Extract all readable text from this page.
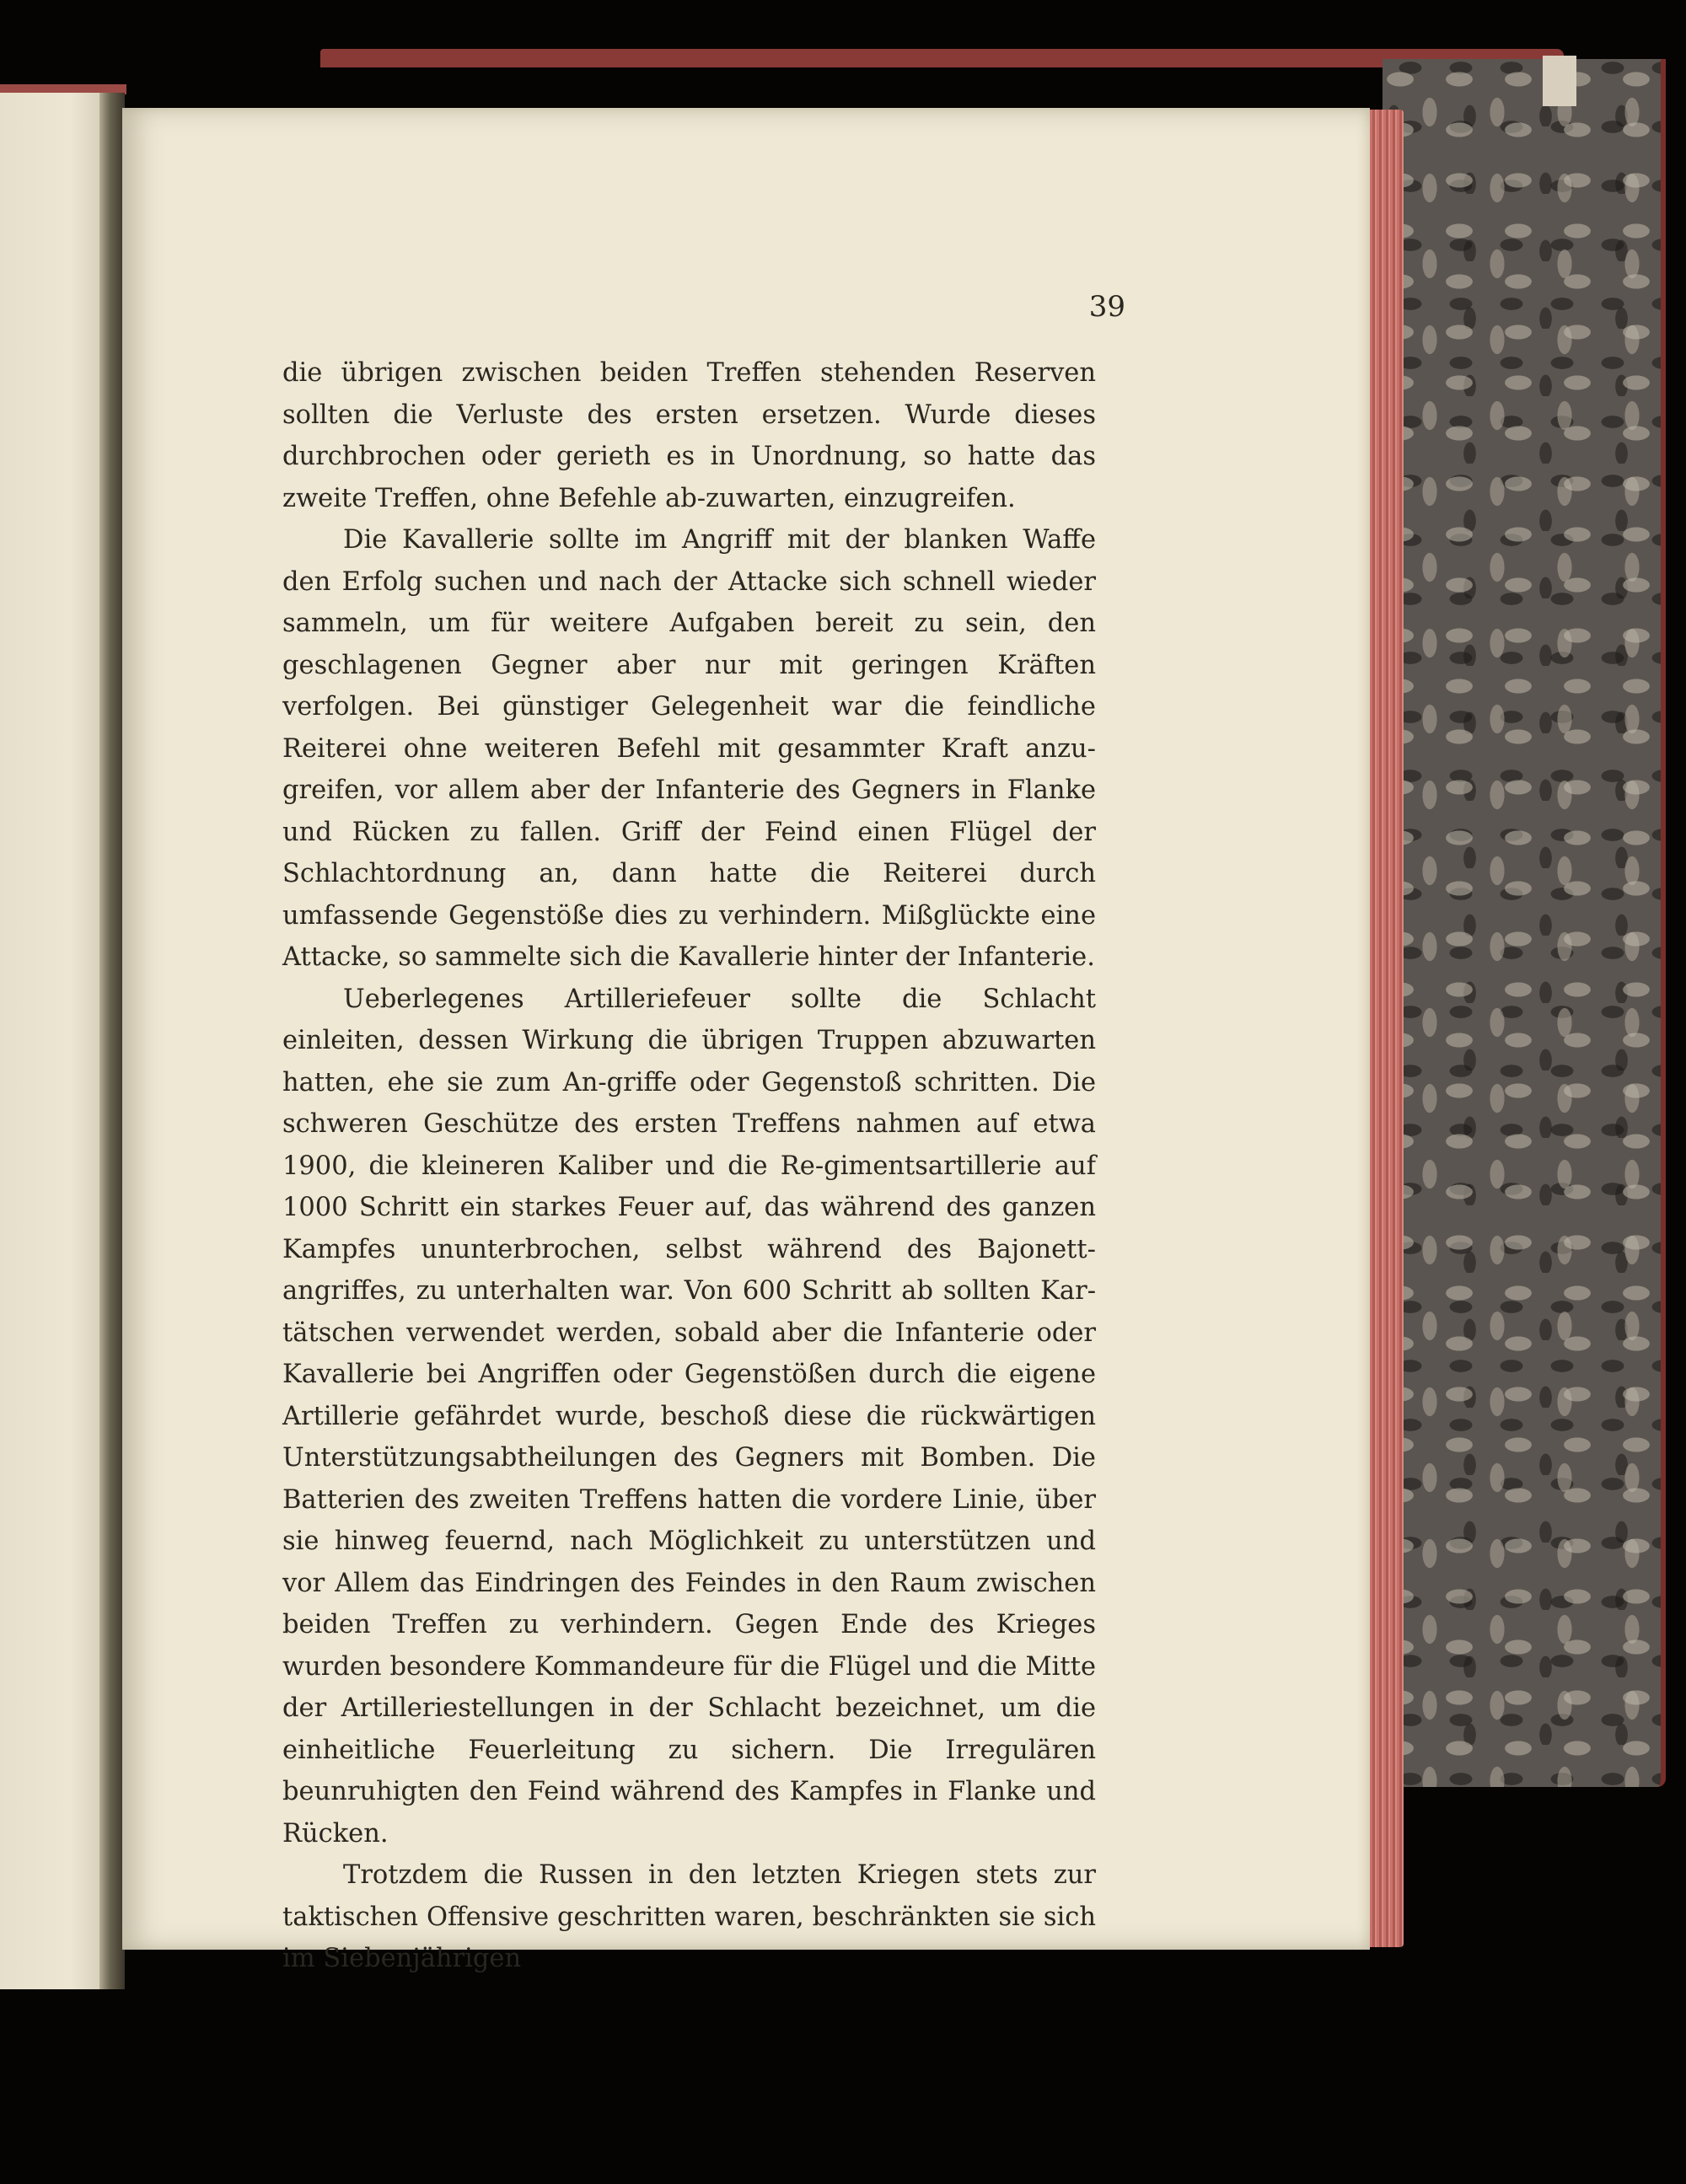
39

die übrigen zwischen beiden Treffen stehenden Reserven sollten die Verluste des ersten ersetzen. Wurde dieses durchbrochen oder gerieth es in Unordnung, so hatte das zweite Treffen, ohne Befehle ab-zuwarten, einzugreifen.

Die Kavallerie sollte im Angriff mit der blanken Waffe den Erfolg suchen und nach der Attacke sich schnell wieder sammeln, um für weitere Aufgaben bereit zu sein, den geschlagenen Gegner aber nur mit geringen Kräften verfolgen. Bei günstiger Gelegenheit war die feindliche Reiterei ohne weiteren Befehl mit gesammter Kraft anzu-greifen, vor allem aber der Infanterie des Gegners in Flanke und Rücken zu fallen. Griff der Feind einen Flügel der Schlachtordnung an, dann hatte die Reiterei durch umfassende Gegenstöße dies zu verhindern. Mißglückte eine Attacke, so sammelte sich die Kavallerie hinter der Infanterie.

Ueberlegenes Artilleriefeuer sollte die Schlacht einleiten, dessen Wirkung die übrigen Truppen abzuwarten hatten, ehe sie zum An-griffe oder Gegenstoß schritten. Die schweren Geschütze des ersten Treffens nahmen auf etwa 1900, die kleineren Kaliber und die Re-gimentsartillerie auf 1000 Schritt ein starkes Feuer auf, das während des ganzen Kampfes ununterbrochen, selbst während des Bajonett-angriffes, zu unterhalten war. Von 600 Schritt ab sollten Kar-tätschen verwendet werden, sobald aber die Infanterie oder Kavallerie bei Angriffen oder Gegenstößen durch die eigene Artillerie gefährdet wurde, beschoß diese die rückwärtigen Unterstützungsabtheilungen des Gegners mit Bomben. Die Batterien des zweiten Treffens hatten die vordere Linie, über sie hinweg feuernd, nach Möglichkeit zu unterstützen und vor Allem das Eindringen des Feindes in den Raum zwischen beiden Treffen zu verhindern. Gegen Ende des Krieges wurden besondere Kommandeure für die Flügel und die Mitte der Artilleriestellungen in der Schlacht bezeichnet, um die einheitliche Feuerleitung zu sichern. Die Irregulären beunruhigten den Feind während des Kampfes in Flanke und Rücken.

Trotzdem die Russen in den letzten Kriegen stets zur taktischen Offensive geschritten waren, beschränkten sie sich im Siebenjährigen
